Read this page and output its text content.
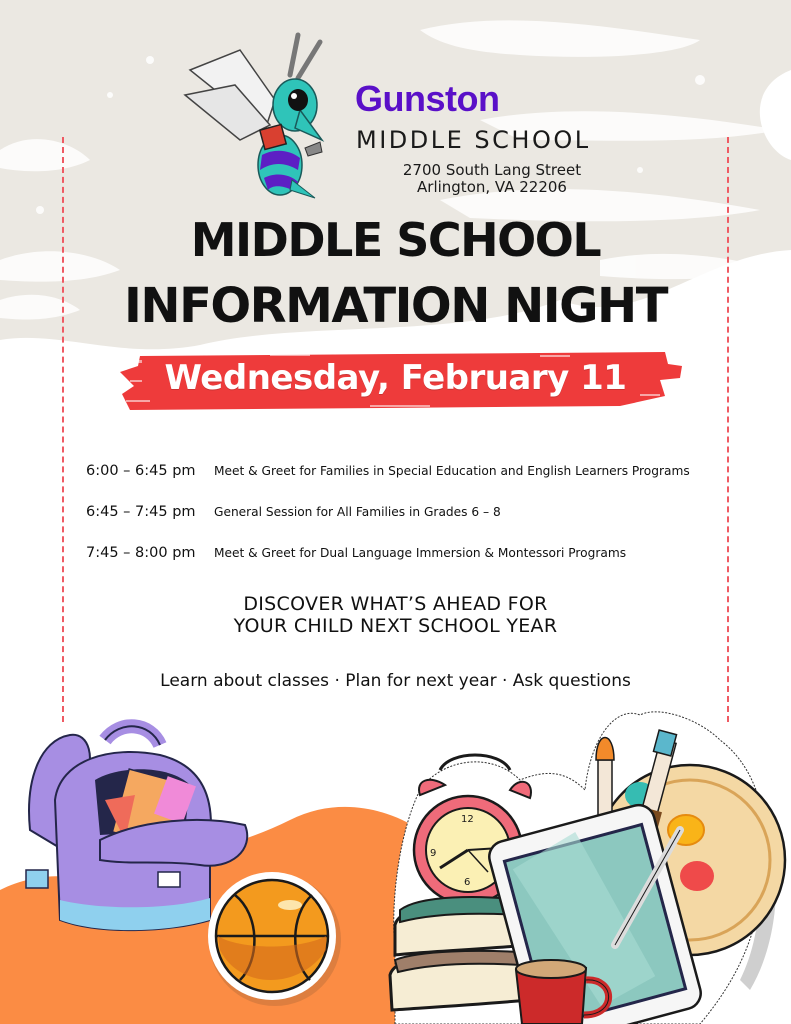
Gunston
MIDDLE SCHOOL
2700 South Lang Street
Arlington, VA 22206
MIDDLE SCHOOL
INFORMATION NIGHT
Wednesday, February 11
6:00 – 6:45 pm	Meet & Greet for Families in Special Education and English Learners Programs
6:45 – 7:45 pm	General Session for All Families in Grades 6 – 8
7:45 – 8:00 pm	Meet & Greet for Dual Language Immersion & Montessori Programs
DISCOVER WHAT’S AHEAD FOR
YOUR CHILD NEXT SCHOOL YEAR
Learn about classes · Plan for next year · Ask questions
12
9
6
